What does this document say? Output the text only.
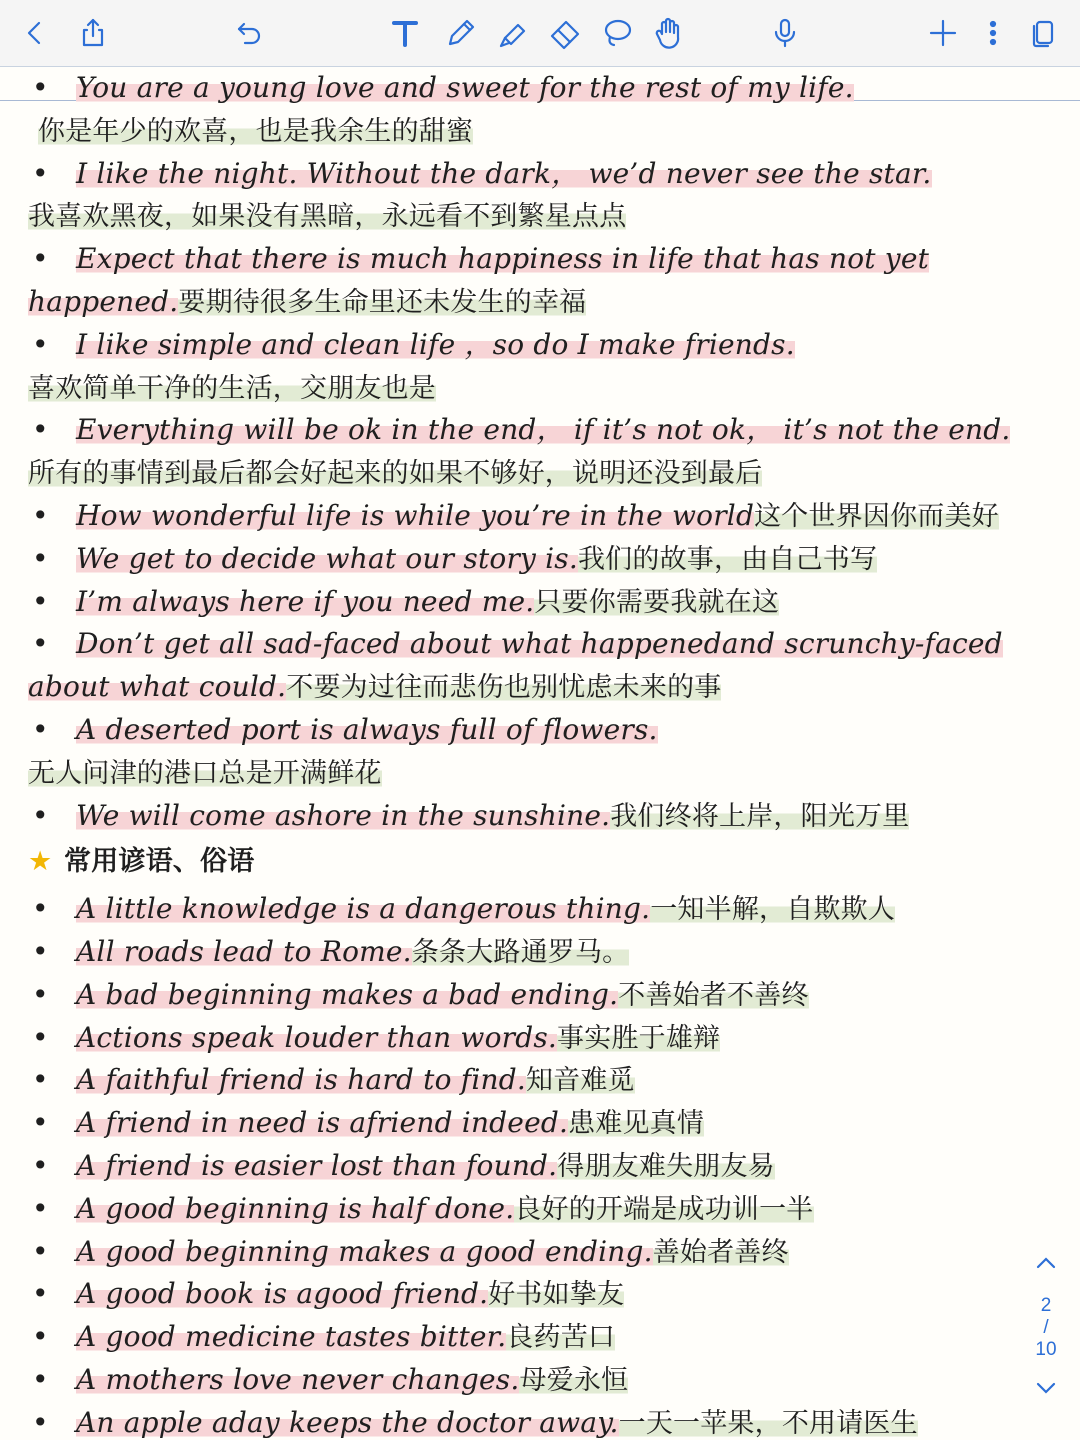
• You are a young love and sweet for the rest of my life.
你是年少的欢喜，也是我余生的甜蜜
• I like the night. Without the dark， we’d never see the star.
我喜欢黑夜，如果没有黑暗，永远看不到繁星点点
• Expect that there is much happiness in life that has not yet
happened.要期待很多生命里还未发生的幸福
• I like simple and clean life ，so do I make friends.
喜欢简单干净的生活，交朋友也是
• Everything will be ok in the end， if it’s not ok， it’s not the end.
所有的事情到最后都会好起来的如果不够好，说明还没到最后
• How wonderful life is while you’re in the world这个世界因你而美好
• We get to decide what our story is.我们的故事，由自己书写
• I’m always here if you need me.只要你需要我就在这
• Don’t get all sad-faced about what happenedand scrunchy-faced
about what could.不要为过往而悲伤也别忧虑未来的事
• A deserted port is always full of flowers.
无人问津的港口总是开满鲜花
• We will come ashore in the sunshine.我们终将上岸，阳光万里
★ 常用谚语、俗语
• A little knowledge is a dangerous thing.一知半解，自欺欺人
• All roads lead to Rome.条条大路通罗马。
• A bad beginning makes a bad ending.不善始者不善终
• Actions speak louder than words.事实胜于雄辩
• A faithful friend is hard to find.知音难觅
• A friend in need is afriend indeed.患难见真情
• A friend is easier lost than found.得朋友难失朋友易
• A good beginning is half done.良好的开端是成功训一半
• A good beginning makes a good ending.善始者善终
• A good book is agood friend.好书如挚友
• A good medicine tastes bitter.良药苦口
• A mothers love never changes.母爱永恒
• An apple aday keeps the doctor away.一天一苹果，不用请医生
2
/
10
